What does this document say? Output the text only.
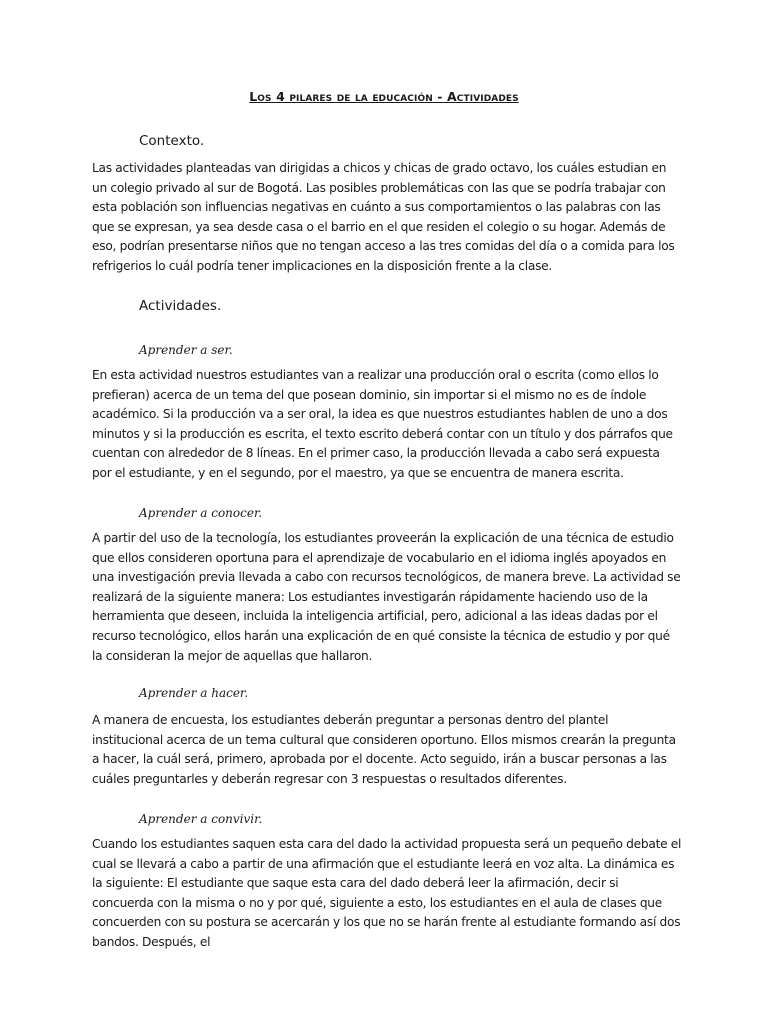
Los 4 pilares de la educación - Actividades
Contexto.
Las actividades planteadas van dirigidas a chicos y chicas de grado octavo, los cuáles estudian en un colegio privado al sur de Bogotá. Las posibles problemáticas con las que se podría trabajar con esta población son influencias negativas en cuánto a sus comportamientos o las palabras con las que se expresan, ya sea desde casa o el barrio en el que residen el colegio o su hogar. Además de eso, podrían presentarse niños que no tengan acceso a las tres comidas del día o a comida para los refrigerios lo cuál podría tener implicaciones en la disposición frente a la clase.
Actividades.
Aprender a ser.
En esta actividad nuestros estudiantes van a realizar una producción oral o escrita (como ellos lo prefieran) acerca de un tema del que posean dominio, sin importar si el mismo no es de índole académico. Si la producción va a ser oral, la idea es que nuestros estudiantes hablen de uno a dos minutos y si la producción es escrita, el texto escrito deberá contar con un título y dos párrafos que cuentan con alrededor de 8 líneas. En el primer caso, la producción llevada a cabo será expuesta por el estudiante, y en el segundo, por el maestro, ya que se encuentra de manera escrita.
Aprender a conocer.
A partir del uso de la tecnología, los estudiantes proveerán la explicación de una técnica de estudio que ellos consideren oportuna para el aprendizaje de vocabulario en el idioma inglés apoyados en una investigación previa llevada a cabo con recursos tecnológicos, de manera breve. La actividad se realizará de la siguiente manera: Los estudiantes investigarán rápidamente haciendo uso de la herramienta que deseen, incluida la inteligencia artificial, pero, adicional a las ideas dadas por el recurso tecnológico, ellos harán una explicación de en qué consiste la técnica de estudio y por qué la consideran la mejor de aquellas que hallaron.
Aprender a hacer.
A manera de encuesta, los estudiantes deberán preguntar a personas dentro del plantel institucional acerca de un tema cultural que consideren oportuno. Ellos mismos crearán la pregunta a hacer, la cuál será, primero, aprobada por el docente. Acto seguido, irán a buscar personas a las cuáles preguntarles y deberán regresar con 3 respuestas o resultados diferentes.
Aprender a convivir.
Cuando los estudiantes saquen esta cara del dado la actividad propuesta será un pequeño debate el cual se llevará a cabo a partir de una afirmación que el estudiante leerá en voz alta. La dinámica es la siguiente: El estudiante que saque esta cara del dado deberá leer la afirmación, decir si concuerda con la misma o no y por qué, siguiente a esto, los estudiantes en el aula de clases que concuerden con su postura se acercarán y los que no se harán frente al estudiante formando así dos bandos. Después, el
